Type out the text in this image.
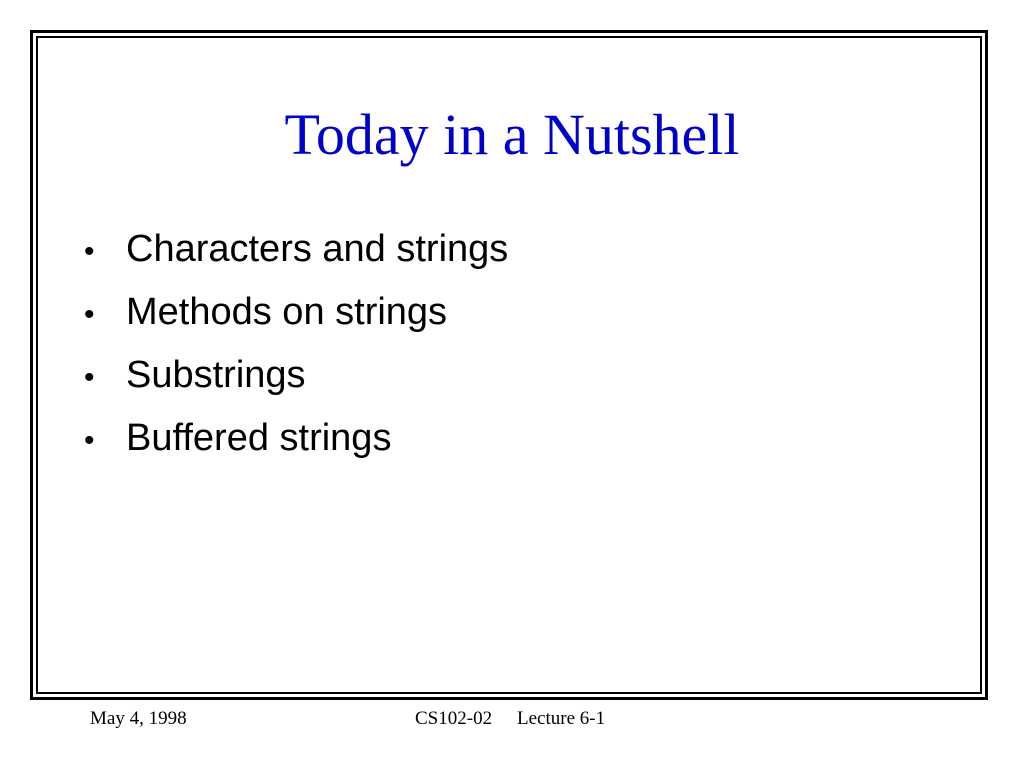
Today in a Nutshell
• Characters and strings
• Methods on strings
• Substrings
• Buffered strings
May 4, 1998	CS102-02 Lecture 6-1
